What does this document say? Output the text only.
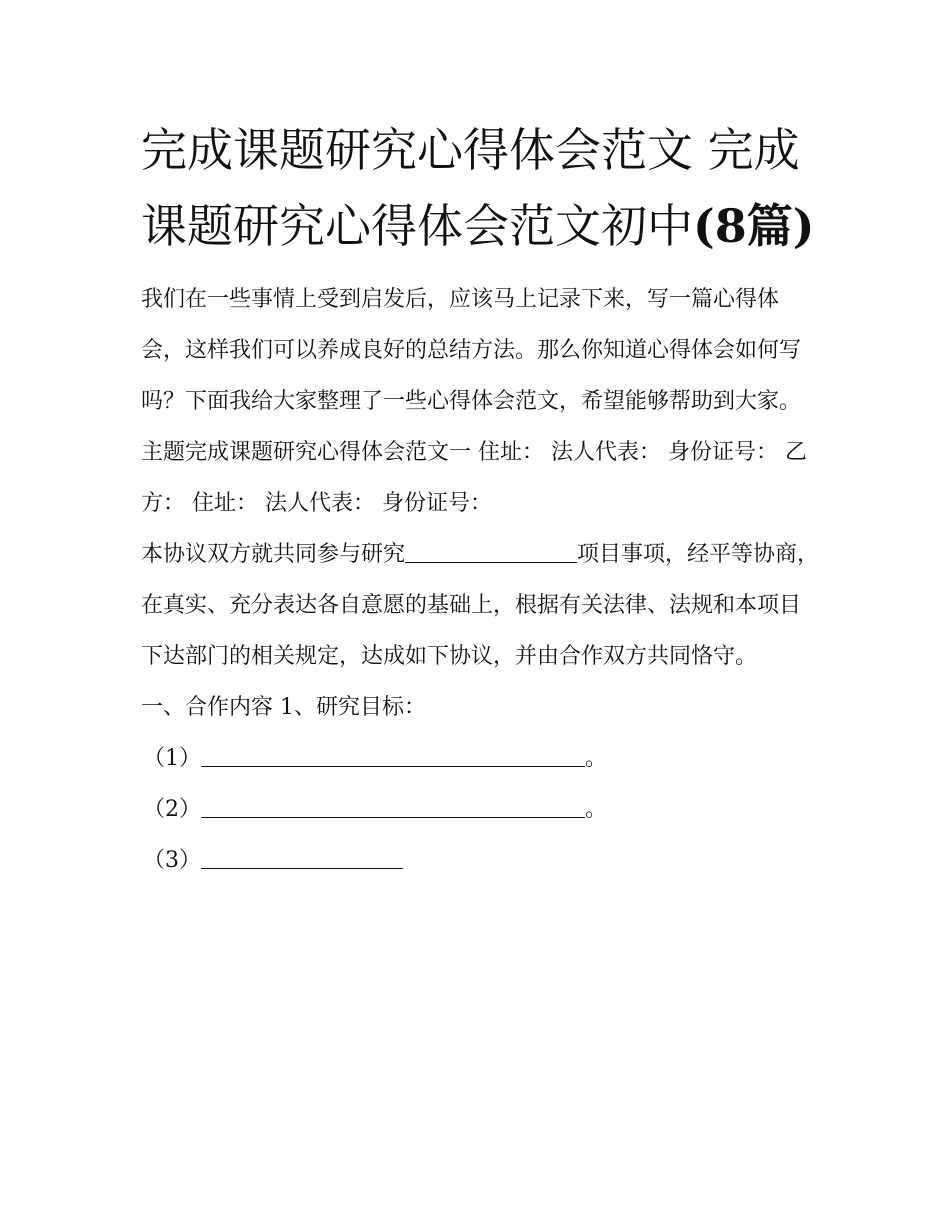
完成课题研究心得体会范文 完成课题研究心得体会范文初中(8篇)

我们在一些事情上受到启发后，应该马上记录下来，写一篇心得体会，这样我们可以养成良好的总结方法。那么你知道心得体会如何写吗？下面我给大家整理了一些心得体会范文，希望能够帮助到大家。

主题完成课题研究心得体会范文一 住址： 法人代表： 身份证号： 乙方： 住址： 法人代表： 身份证号：

本协议双方就共同参与研究	项目事项，经平等协商，在真实、充分表达各自意愿的基础上，根据有关法律、法规和本项目下达部门的相关规定，达成如下协议，并由合作双方共同恪守。

一、合作内容 1、研究目标：

（1）	。

（2）	。

（3）
